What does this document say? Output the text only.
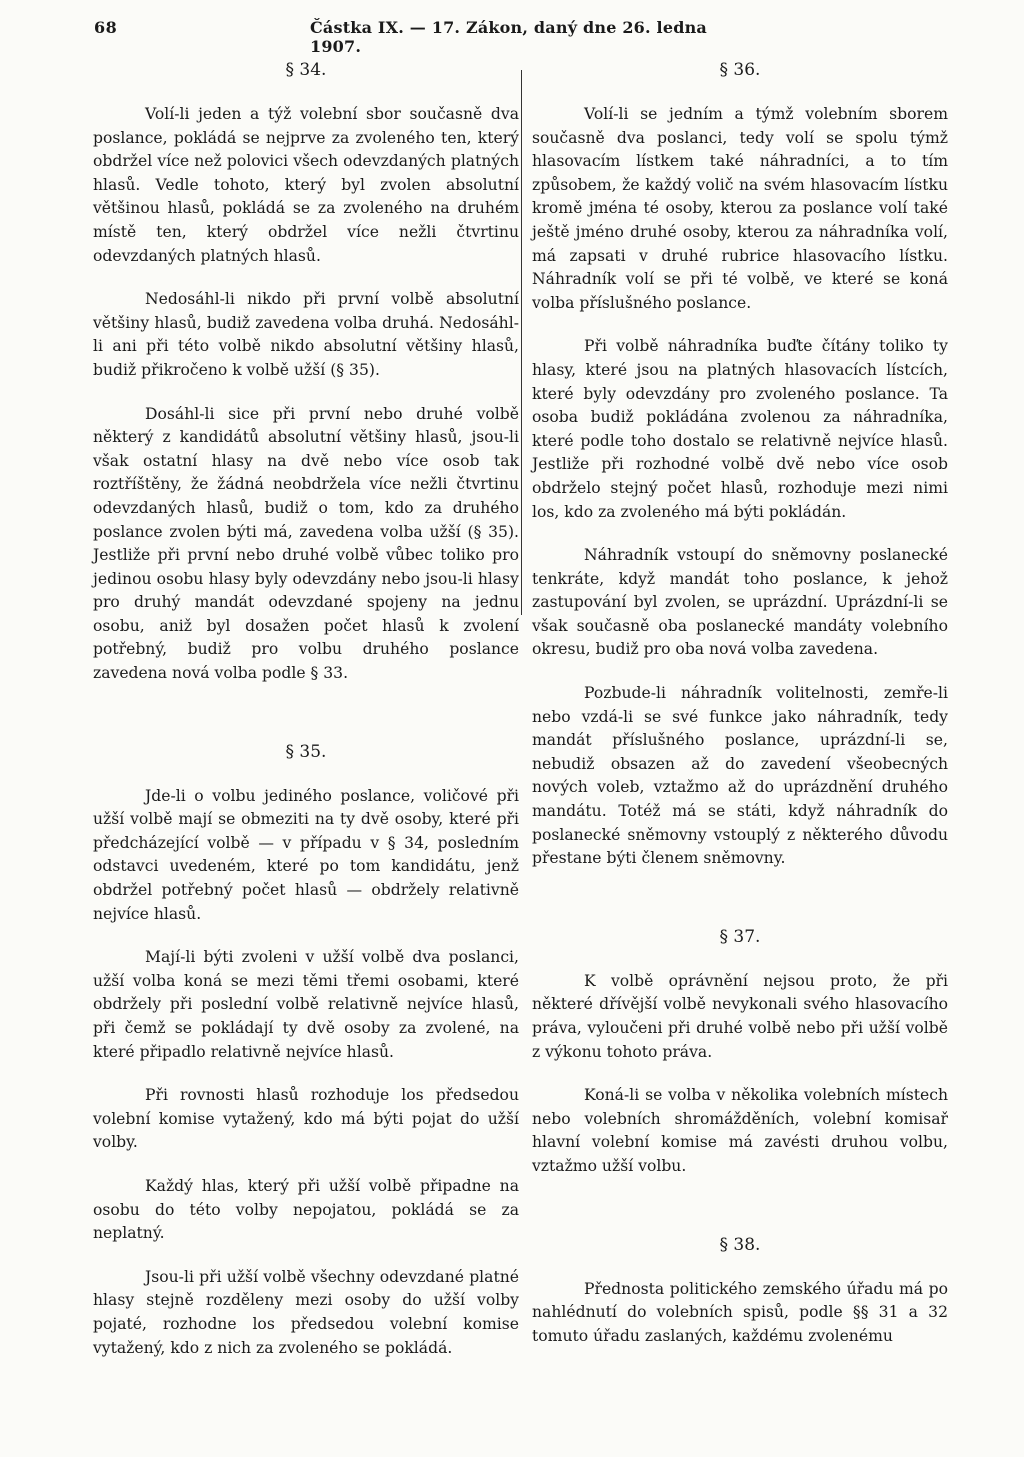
68	Částka IX. — 17. Zákon, daný dne 26. ledna 1907.
§ 34.

Volí-li jeden a týž volební sbor současně dva poslance, pokládá se nejprve za zvoleného ten, který obdržel více než polovici všech odevzdaných platných hlasů. Vedle tohoto, který byl zvolen absolutní většinou hlasů, pokládá se za zvoleného na druhém místě ten, který obdržel více nežli čtvrtinu odevzdaných platných hlasů.

Nedosáhl-li nikdo při první volbě absolutní většiny hlasů, budiž zavedena volba druhá. Nedosáhl-li ani při této volbě nikdo absolutní většiny hlasů, budiž přikročeno k volbě užší (§ 35).

Dosáhl-li sice při první nebo druhé volbě některý z kandidátů absolutní většiny hlasů, jsou-li však ostatní hlasy na dvě nebo více osob tak roztříštěny, že žádná neobdržela více nežli čtvrtinu odevzdaných hlasů, budiž o tom, kdo za druhého poslance zvolen býti má, zavedena volba užší (§ 35). Jestliže při první nebo druhé volbě vůbec toliko pro jedinou osobu hlasy byly odevzdány nebo jsou-li hlasy pro druhý mandát odevzdané spojeny na jednu osobu, aniž byl dosažen počet hlasů k zvolení potřebný, budiž pro volbu druhého poslance zavedena nová volba podle § 33.

§ 35.

Jde-li o volbu jediného poslance, voličové při užší volbě mají se obmeziti na ty dvě osoby, které při předcházející volbě — v případu v § 34, posledním odstavci uvedeném, které po tom kandidátu, jenž obdržel potřebný počet hlasů — obdržely relativně nejvíce hlasů.

Mají-li býti zvoleni v užší volbě dva poslanci, užší volba koná se mezi těmi třemi osobami, které obdržely při poslední volbě relativně nejvíce hlasů, při čemž se pokládají ty dvě osoby za zvolené, na které připadlo relativně nejvíce hlasů.

Při rovnosti hlasů rozhoduje los předsedou volební komise vytažený, kdo má býti pojat do užší volby.

Každý hlas, který při užší volbě připadne na osobu do této volby nepojatou, pokládá se za neplatný.

Jsou-li při užší volbě všechny odevzdané platné hlasy stejně rozděleny mezi osoby do užší volby pojaté, rozhodne los předsedou volební komise vytažený, kdo z nich za zvoleného se pokládá.

§ 36.

Volí-li se jedním a týmž volebním sborem současně dva poslanci, tedy volí se spolu týmž hlasovacím lístkem také náhradníci, a to tím způsobem, že každý volič na svém hlasovacím lístku kromě jména té osoby, kterou za poslance volí také ještě jméno druhé osoby, kterou za náhradníka volí, má zapsati v druhé rubrice hlasovacího lístku. Náhradník volí se při té volbě, ve které se koná volba příslušného poslance.

Při volbě náhradníka buďte čítány toliko ty hlasy, které jsou na platných hlasovacích lístcích, které byly odevzdány pro zvoleného poslance. Ta osoba budiž pokládána zvolenou za náhradníka, které podle toho dostalo se relativně nejvíce hlasů. Jestliže při rozhodné volbě dvě nebo více osob obdrželo stejný počet hlasů, rozhoduje mezi nimi los, kdo za zvoleného má býti pokládán.

Náhradník vstoupí do sněmovny poslanecké tenkráte, když mandát toho poslance, k jehož zastupování byl zvolen, se uprázdní. Uprázdní-li se však současně oba poslanecké mandáty volebního okresu, budiž pro oba nová volba zavedena.

Pozbude-li náhradník volitelnosti, zemře-li nebo vzdá-li se své funkce jako náhradník, tedy mandát příslušného poslance, uprázdní-li se, nebudiž obsazen až do zavedení všeobecných nových voleb, vztažmo až do uprázdnění druhého mandátu. Totéž má se státi, když náhradník do poslanecké sněmovny vstouplý z některého důvodu přestane býti členem sněmovny.

§ 37.

K volbě oprávnění nejsou proto, že při některé dřívější volbě nevykonali svého hlasovacího práva, vyloučeni při druhé volbě nebo při užší volbě z výkonu tohoto práva.

Koná-li se volba v několika volebních místech nebo volebních shromážděních, volební komisař hlavní volební komise má zavésti druhou volbu, vztažmo užší volbu.

§ 38.

Přednosta politického zemského úřadu má po nahlédnutí do volebních spisů, podle §§ 31 a 32 tomuto úřadu zaslaných, každému zvolenému
